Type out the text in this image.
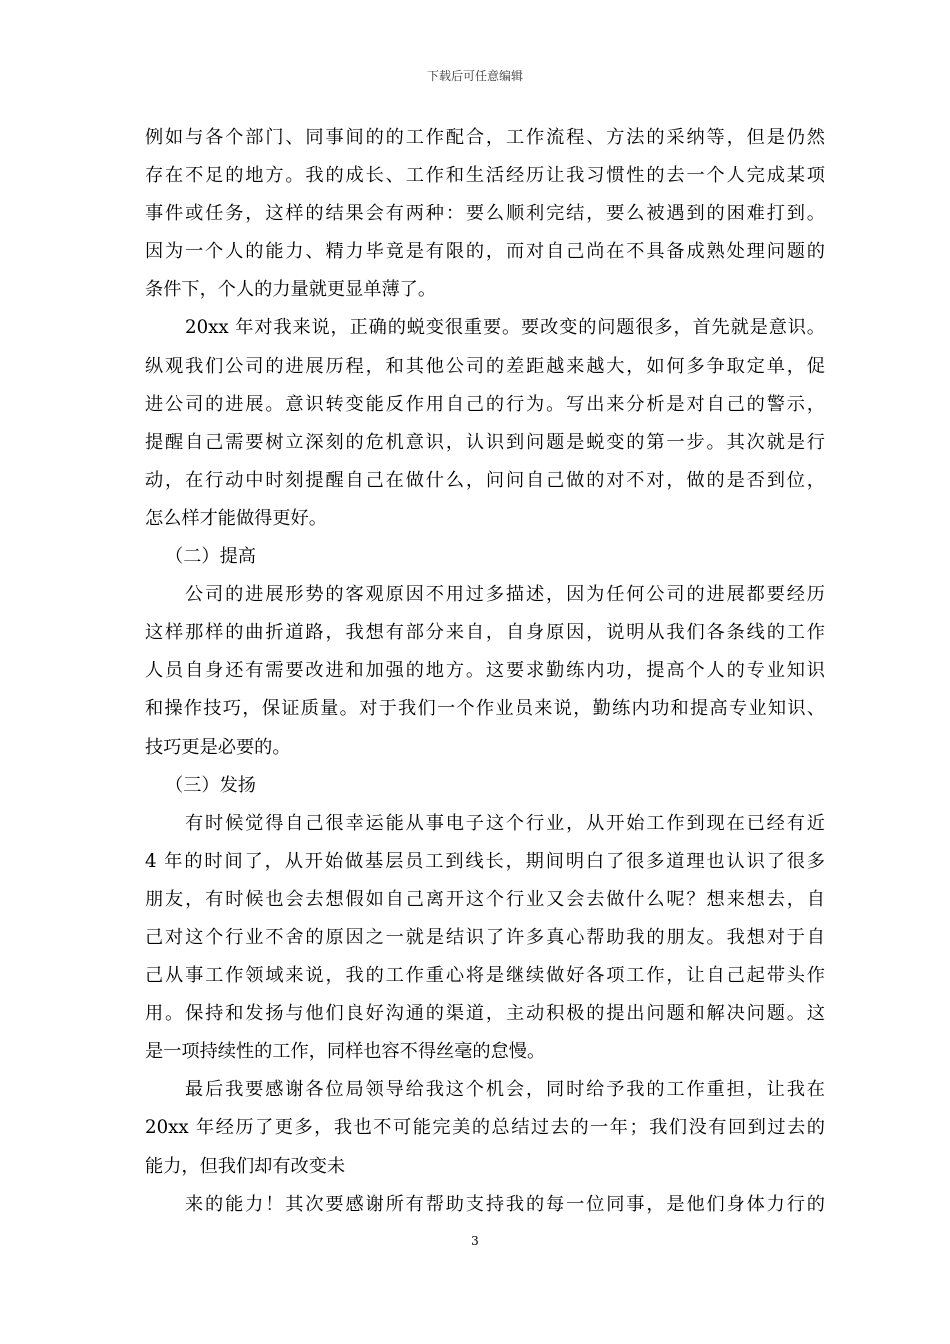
下载后可任意编辑
例如与各个部门、同事间的的工作配合，工作流程、方法的采纳等，但是仍然
存在不足的地方。我的成长、工作和生活经历让我习惯性的去一个人完成某项
事件或任务，这样的结果会有两种：要么顺利完结，要么被遇到的困难打到。
因为一个人的能力、精力毕竟是有限的，而对自己尚在不具备成熟处理问题的
条件下，个人的力量就更显单薄了。
20xx 年对我来说，正确的蜕变很重要。要改变的问题很多，首先就是意识。
纵观我们公司的进展历程，和其他公司的差距越来越大，如何多争取定单，促
进公司的进展。意识转变能反作用自己的行为。写出来分析是对自己的警示，
提醒自己需要树立深刻的危机意识，认识到问题是蜕变的第一步。其次就是行
动，在行动中时刻提醒自己在做什么，问问自己做的对不对，做的是否到位，
怎么样才能做得更好。
（二）提高
公司的进展形势的客观原因不用过多描述，因为任何公司的进展都要经历
这样那样的曲折道路，我想有部分来自，自身原因，说明从我们各条线的工作
人员自身还有需要改进和加强的地方。这要求勤练内功，提高个人的专业知识
和操作技巧，保证质量。对于我们一个作业员来说，勤练内功和提高专业知识、
技巧更是必要的。
（三）发扬
有时候觉得自己很幸运能从事电子这个行业，从开始工作到现在已经有近
4 年的时间了，从开始做基层员工到线长，期间明白了很多道理也认识了很多
朋友，有时候也会去想假如自己离开这个行业又会去做什么呢？想来想去，自
己对这个行业不舍的原因之一就是结识了许多真心帮助我的朋友。我想对于自
己从事工作领域来说，我的工作重心将是继续做好各项工作，让自己起带头作
用。保持和发扬与他们良好沟通的渠道，主动积极的提出问题和解决问题。这
是一项持续性的工作，同样也容不得丝毫的怠慢。
最后我要感谢各位局领导给我这个机会，同时给予我的工作重担，让我在
20xx 年经历了更多，我也不可能完美的总结过去的一年；我们没有回到过去的
能力，但我们却有改变未
来的能力！其次要感谢所有帮助支持我的每一位同事，是他们身体力行的
3
